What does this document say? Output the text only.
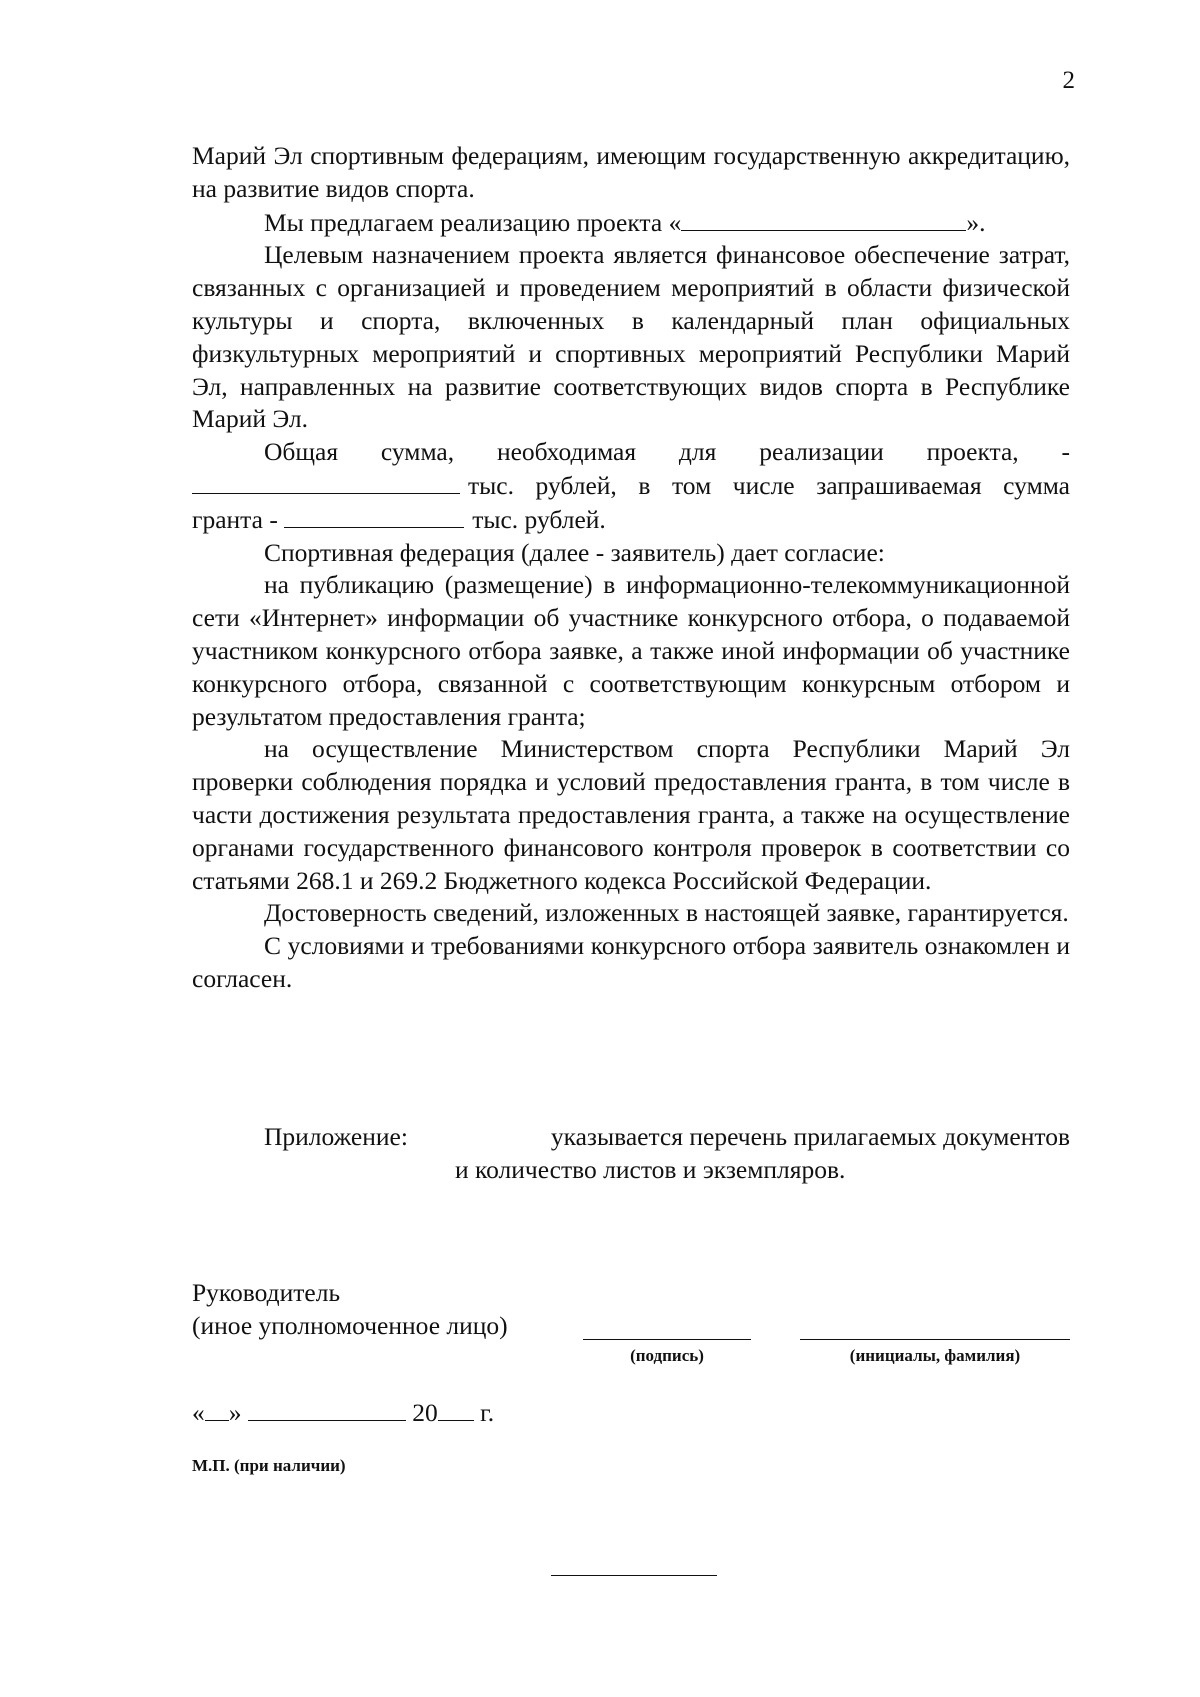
2

Марий Эл спортивным федерациям, имеющим государственную аккредитацию, на развитие видов спорта.

Мы предлагаем реализацию проекта «	».

Целевым назначением проекта является финансовое обеспечение затрат, связанных с организацией и проведением мероприятий в области физической культуры и спорта, включенных в календарный план официальных физкультурных мероприятий и спортивных мероприятий Республики Марий Эл, направленных на развитие соответствующих видов спорта в Республике Марий Эл.

Общая сумма, необходимая для реализации проекта, -
тыс. рублей, в том числе запрашиваемая сумма
гранта -	тыс. рублей.

Спортивная федерация (далее - заявитель) дает согласие:

на публикацию (размещение) в информационно-телекоммуникационной сети «Интернет» информации об участнике конкурсного отбора, о подаваемой участником конкурсного отбора заявке, а также иной информации об участнике конкурсного отбора, связанной с соответствующим конкурсным отбором и результатом предоставления гранта;

на осуществление Министерством спорта Республики Марий Эл проверки соблюдения порядка и условий предоставления гранта, в том числе в части достижения результата предоставления гранта, а также на осуществление органами государственного финансового контроля проверок в соответствии со статьями 268.1 и 269.2 Бюджетного кодекса Российской Федерации.

Достоверность сведений, изложенных в настоящей заявке, гарантируется.

С условиями и требованиями конкурсного отбора заявитель ознакомлен и согласен.

Приложение:	указывается перечень прилагаемых документов
и количество листов и экземпляров.
Руководитель
(иное уполномоченное лицо)
(подпись)	(инициалы, фамилия)
« »	20 г.
М.П. (при наличии)
